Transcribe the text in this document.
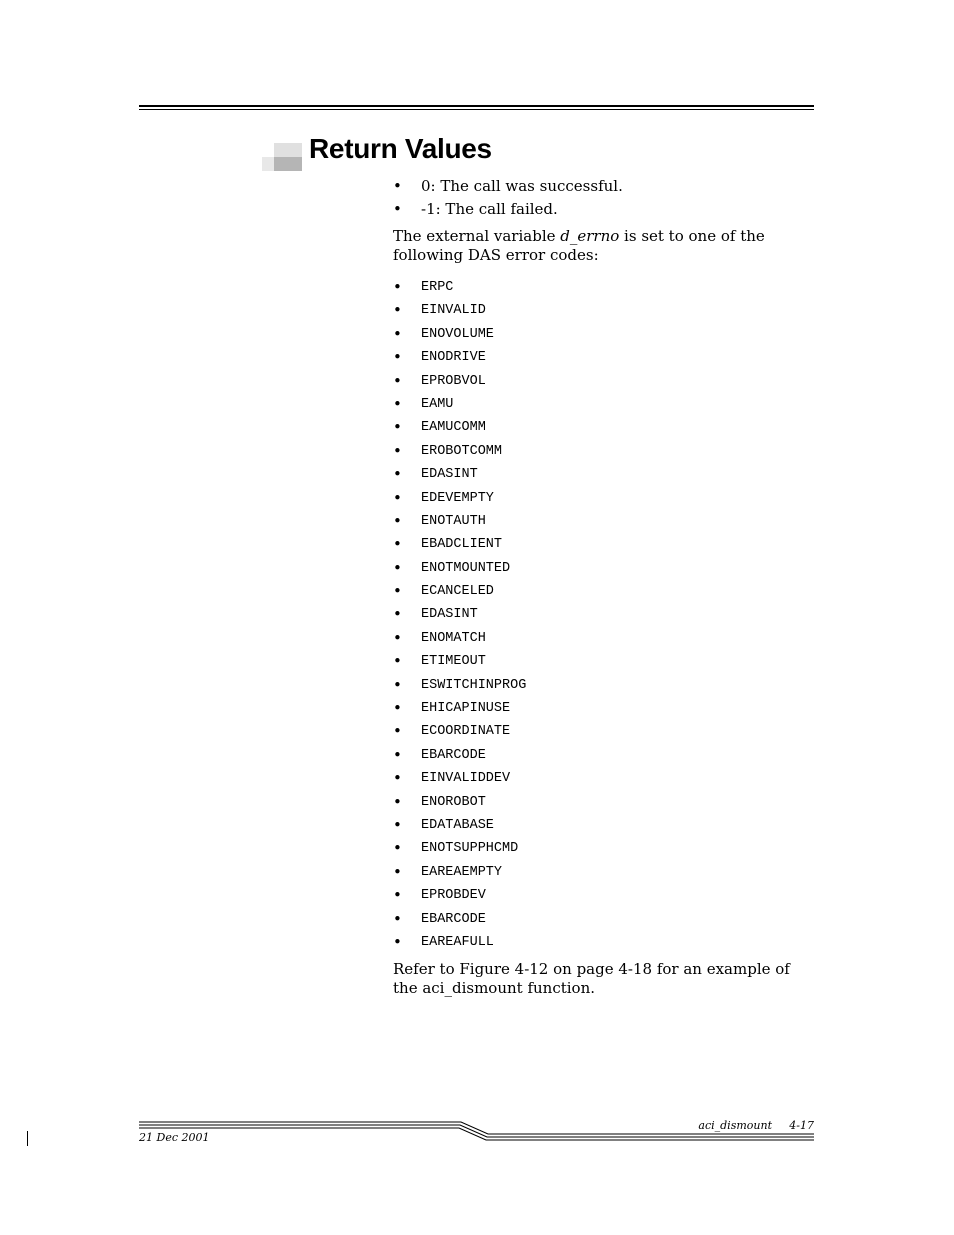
Return Values
• 0: The call was successful.
• -1: The call failed.

The external variable d_errno is set to one of the following DAS error codes:

• ERPC
• EINVALID
• ENOVOLUME
• ENODRIVE
• EPROBVOL
• EAMU
• EAMUCOMM
• EROBOTCOMM
• EDASINT
• EDEVEMPTY
• ENOTAUTH
• EBADCLIENT
• ENOTMOUNTED
• ECANCELED
• EDASINT
• ENOMATCH
• ETIMEOUT
• ESWITCHINPROG
• EHICAPINUSE
• ECOORDINATE
• EBARCODE
• EINVALIDDEV
• ENOROBOT
• EDATABASE
• ENOTSUPPHCMD
• EAREAEMPTY
• EPROBDEV
• EBARCODE
• EAREAFULL

Refer to Figure 4-12 on page 4-18 for an example of the aci_dismount function.

aci_dismount	4-17
21 Dec 2001
